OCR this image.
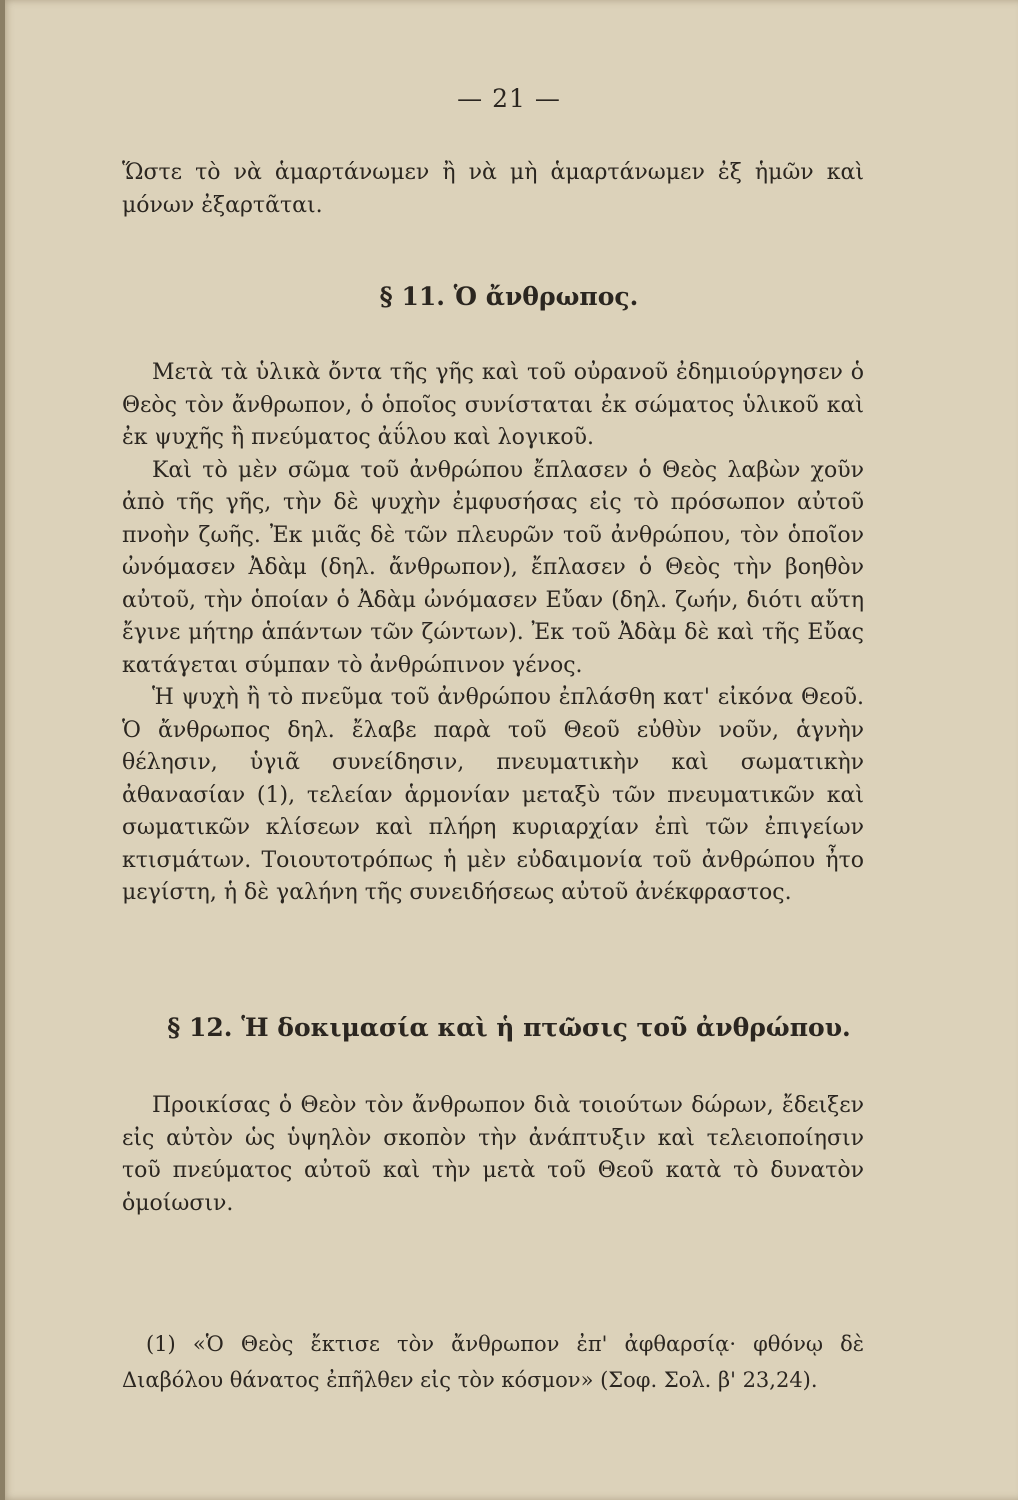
— 21 —

Ὥστε τὸ νὰ ἁμαρτάνωμεν ἢ νὰ μὴ ἁμαρτάνωμεν ἐξ ἡμῶν καὶ μόνων ἐξαρτᾶται.

§ 11. Ὁ ἄνθρωπος.

Μετὰ τὰ ὑλικὰ ὄντα τῆς γῆς καὶ τοῦ οὐρανοῦ ἐδημιούργησεν ὁ Θεὸς τὸν ἄνθρωπον, ὁ ὁποῖος συνίσταται ἐκ σώματος ὑλικοῦ καὶ ἐκ ψυχῆς ἢ πνεύματος ἀΰλου καὶ λογικοῦ.

Καὶ τὸ μὲν σῶμα τοῦ ἀνθρώπου ἔπλασεν ὁ Θεὸς λαβὼν χοῦν ἀπὸ τῆς γῆς, τὴν δὲ ψυχὴν ἐμφυσήσας εἰς τὸ πρόσωπον αὐτοῦ πνοὴν ζωῆς. Ἐκ μιᾶς δὲ τῶν πλευρῶν τοῦ ἀνθρώπου, τὸν ὁποῖον ὠνόμασεν Ἀδὰμ (δηλ. ἄνθρωπον), ἔπλασεν ὁ Θεὸς τὴν βοηθὸν αὐτοῦ, τὴν ὁποίαν ὁ Ἀδὰμ ὠνόμασεν Εὔαν (δηλ. ζωήν, διότι αὕτη ἔγινε μήτηρ ἁπάντων τῶν ζώντων). Ἐκ τοῦ Ἀδὰμ δὲ καὶ τῆς Εὔας κατάγεται σύμπαν τὸ ἀνθρώπινον γένος.

Ἡ ψυχὴ ἢ τὸ πνεῦμα τοῦ ἀνθρώπου ἐπλάσθη κατ' εἰκόνα Θεοῦ. Ὁ ἄνθρωπος δηλ. ἔλαβε παρὰ τοῦ Θεοῦ εὐθὺν νοῦν, ἁγνὴν θέλησιν, ὑγιᾶ συνείδησιν, πνευματικὴν καὶ σωματικὴν ἀθανασίαν (1), τελείαν ἁρμονίαν μεταξὺ τῶν πνευματικῶν καὶ σωματικῶν κλίσεων καὶ πλήρη κυριαρχίαν ἐπὶ τῶν ἐπιγείων κτισμάτων. Τοιουτοτρόπως ἡ μὲν εὐδαιμονία τοῦ ἀνθρώπου ἦτο μεγίστη, ἡ δὲ γαλήνη τῆς συνειδήσεως αὐτοῦ ἀνέκφραστος.

§ 12. Ἡ δοκιμασία καὶ ἡ πτῶσις τοῦ ἀνθρώπου.

Προικίσας ὁ Θεὸν τὸν ἄνθρωπον διὰ τοιούτων δώρων, ἔδειξεν εἰς αὐτὸν ὡς ὑψηλὸν σκοπὸν τὴν ἀνάπτυξιν καὶ τελειοποίησιν τοῦ πνεύματος αὐτοῦ καὶ τὴν μετὰ τοῦ Θεοῦ κατὰ τὸ δυνατὸν ὁμοίωσιν.

(1) «Ὁ Θεὸς ἔκτισε τὸν ἄνθρωπον ἐπ' ἀφθαρσίᾳ· φθόνῳ δὲ Διαβόλου θάνατος ἐπῆλθεν εἰς τὸν κόσμον» (Σοφ. Σολ. β' 23,24).
